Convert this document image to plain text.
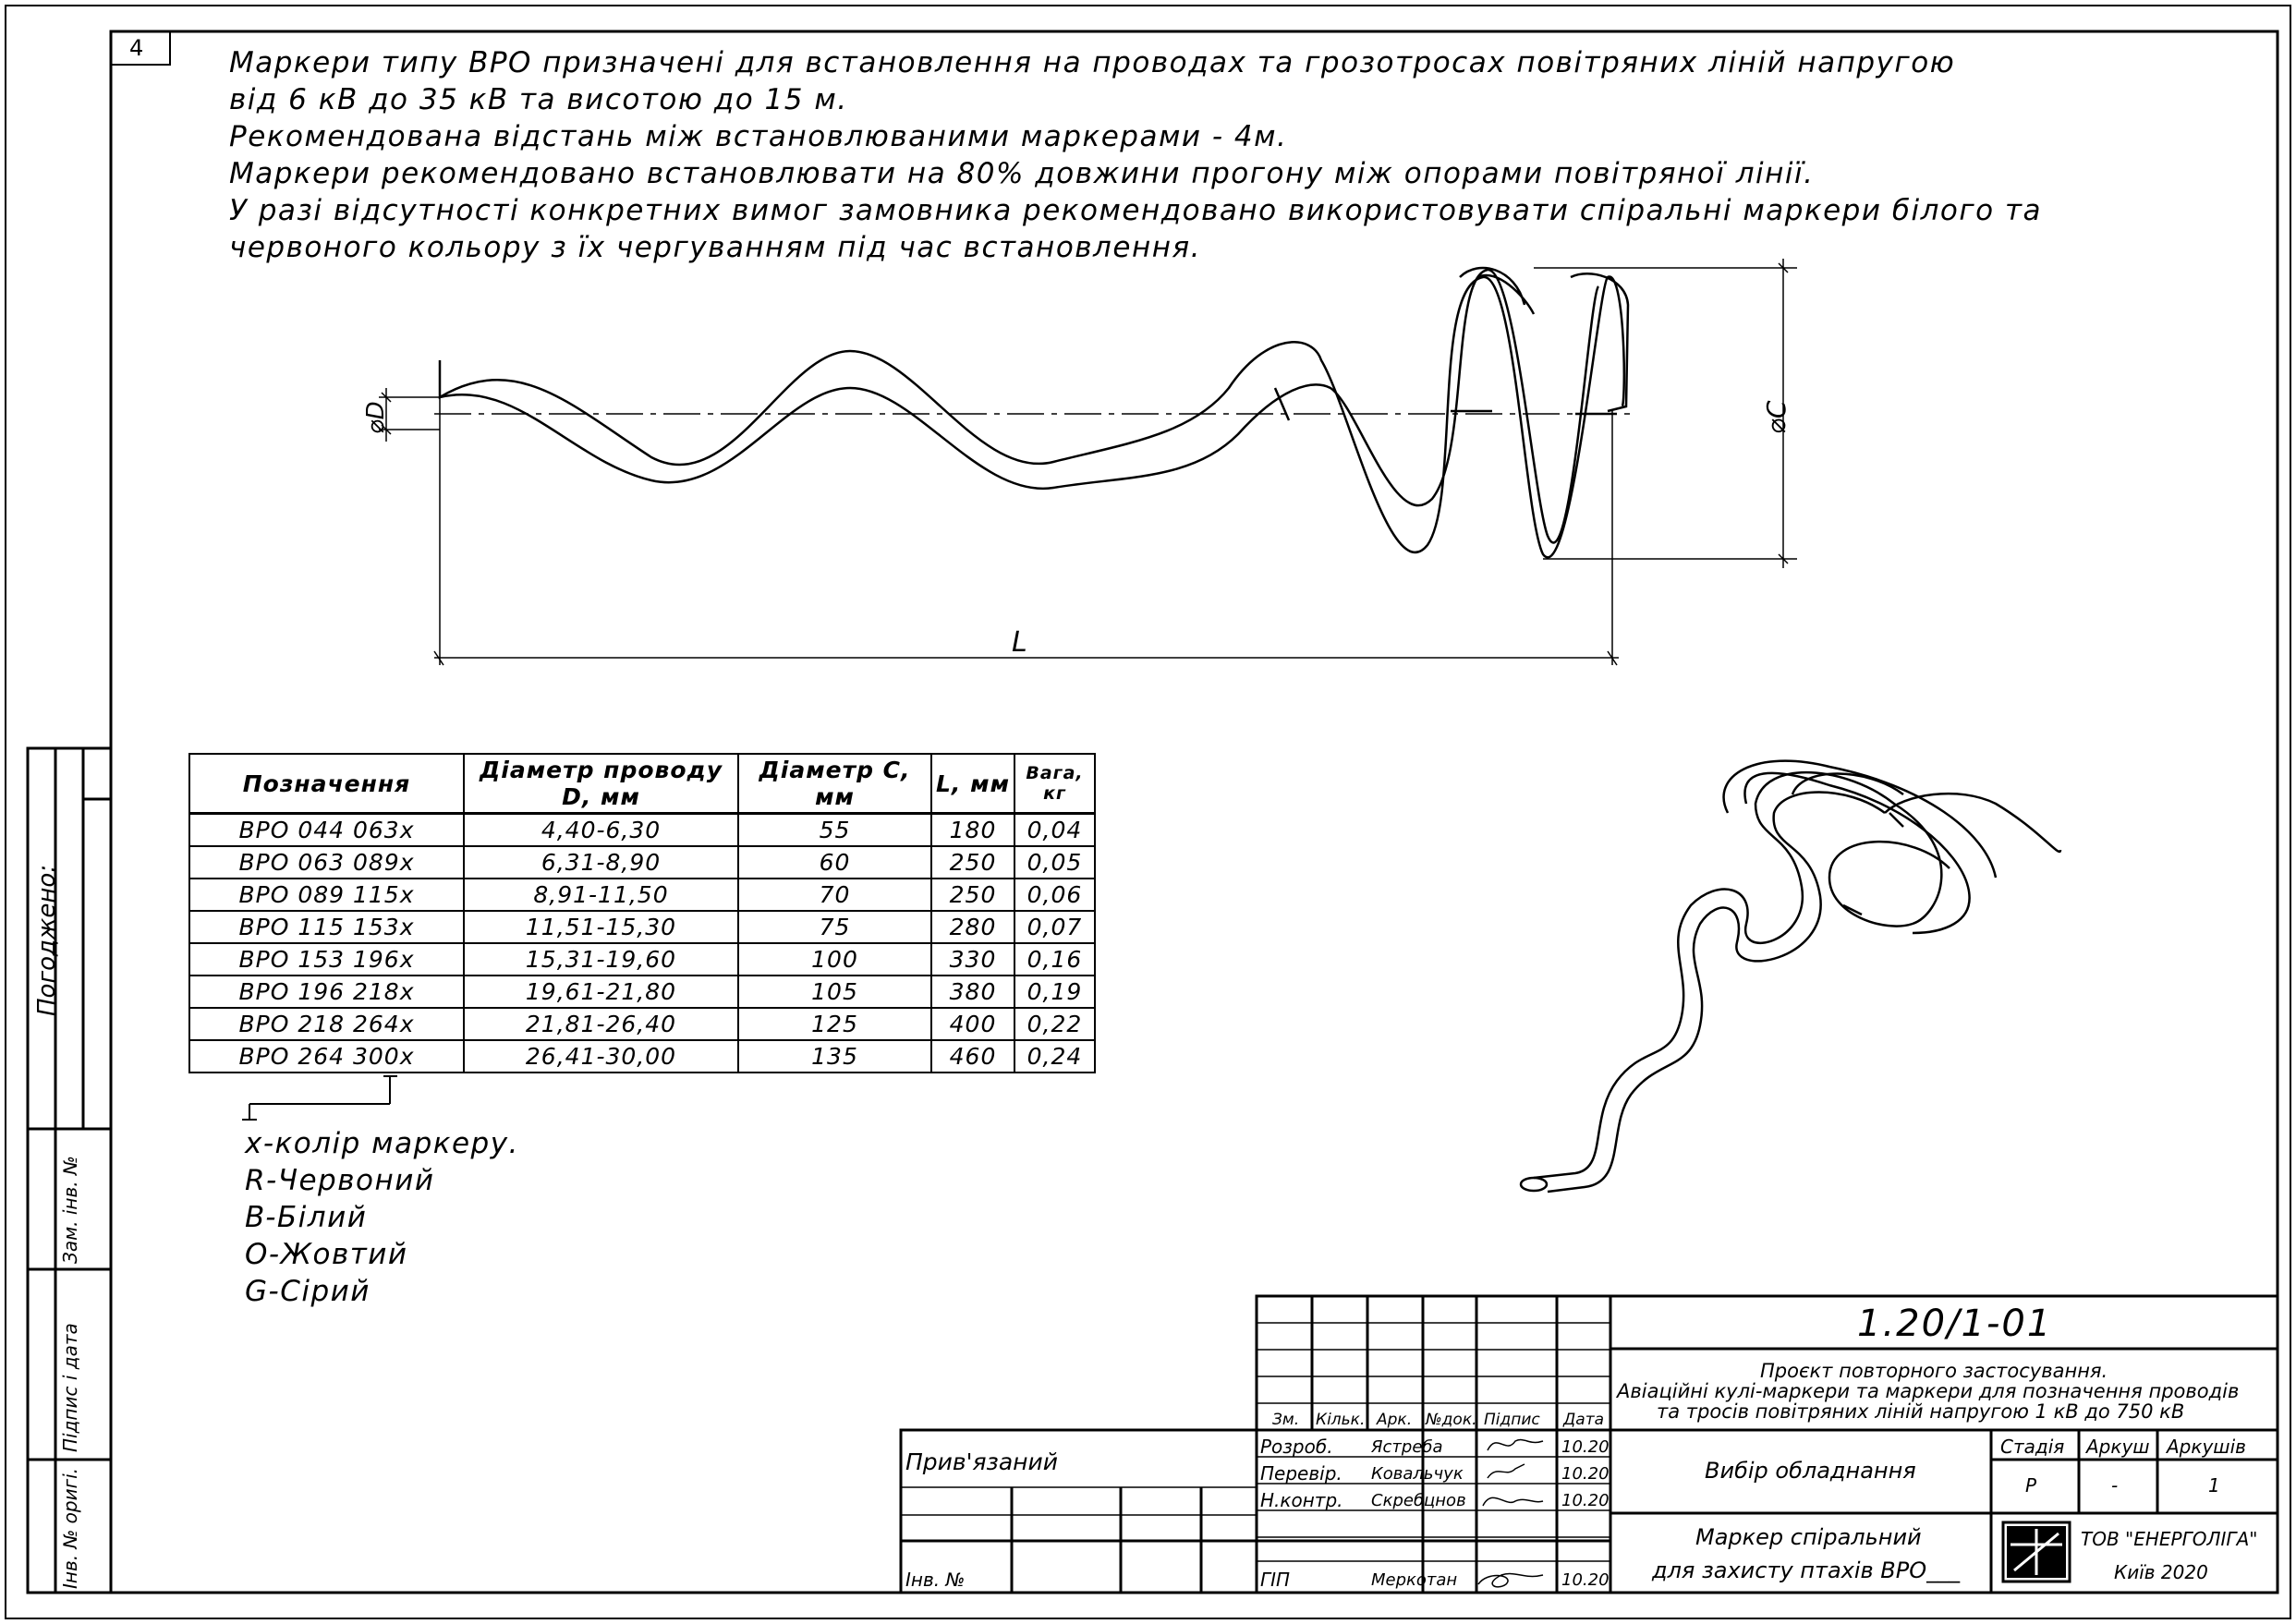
4	Маркери типу ВРО призначені для встановлення на проводах та грозотросах повітряних ліній напругою
від 6 кВ до 35 кВ та висотою до 15 м.
Рекомендована відстань між встановлюваними маркерами - 4м.
Маркери рекомендовано встановлювати на 80% довжини прогону між опорами повітряної лінії.
У разі відсутності конкретних вимог замовника рекомендовано використовувати спіральні маркери білого та
червоного кольору з їх чергуванням під час встановлення.
⌀D	⌀C
L
Позначення	Діаметр проводу D, мм	Діаметр С, мм	L, мм	Вага, кг
ВРО 044 063x	4,40-6,30	55	180	0,04
ВРО 063 089x	6,31-8,90	60	250	0,05
ВРО 089 115x	8,91-11,50	70	250	0,06
ВРО 115 153x	11,51-15,30	75	280	0,07
ВРО 153 196x	15,31-19,60	100	330	0,16
ВРО 196 218x	19,61-21,80	105	380	0,19
ВРО 218 264x	21,81-26,40	125	400	0,22
ВРО 264 300x	26,41-30,00	135	460	0,24
x-колір маркеру.
R-Червоний
B-Білий
O-Жовтий
G-Сірий
Погоджено:
Зам. інв. №
Підпис і дата
Інв. № оригі.
1.20/1-01
Проєкт повторного застосування.
Авіаційні кулі-маркери та маркери для позначення проводів
та тросів повітряних ліній напругою 1 кВ до 750 кВ
Прив'язаний
Інв. №
Зм. Кільк. Арк. №док. Підпис Дата
Розроб. Ястреба	10.20
Перевір. Ковальчук	10.20
Н.контр. Скребцнов	10.20
ГІП	Меркотан	10.20
Вибір обладнання
Стадія Аркуш Аркушів
Р	-	1
Маркер спіральний
для захисту птахів ВРО___
ТОВ "ЕНЕРГОЛІГА"
Київ 2020
